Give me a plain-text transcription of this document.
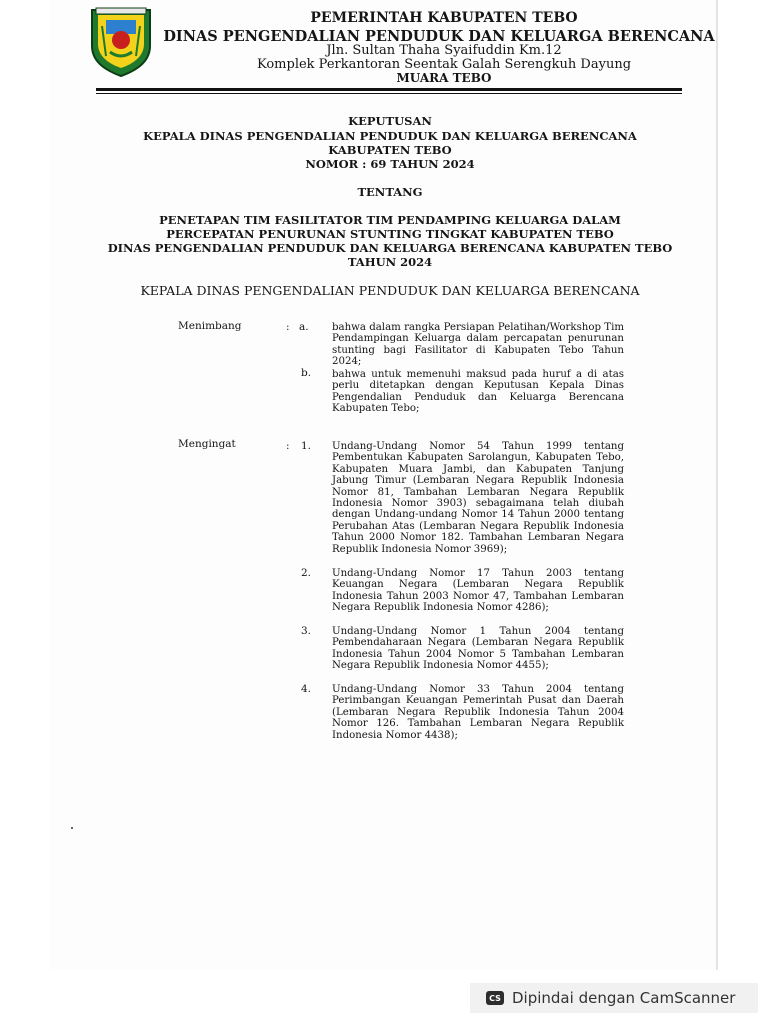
PEMERINTAH KABUPATEN TEBO
DINAS PENGENDALIAN PENDUDUK DAN KELUARGA BERENCANA
Jln. Sultan Thaha Syaifuddin Km.12
Komplek Perkantoran Seentak Galah Serengkuh Dayung
MUARA TEBO
KEPUTUSAN
KEPALA DINAS PENGENDALIAN PENDUDUK DAN KELUARGA BERENCANA
KABUPATEN TEBO
NOMOR : 69 TAHUN 2024
TENTANG
PENETAPAN TIM FASILITATOR TIM PENDAMPING KELUARGA DALAM
PERCEPATAN PENURUNAN STUNTING TINGKAT KABUPATEN TEBO
DINAS PENGENDALIAN PENDUDUK DAN KELUARGA BERENCANA KABUPATEN TEBO
TAHUN 2024
KEPALA DINAS PENGENDALIAN PENDUDUK DAN KELUARGA BERENCANA
Menimbang	: a. bahwa dalam rangka Persiapan Pelatihan/Workshop Tim Pendampingan Keluarga dalam percapatan penurunan stunting bagi Fasilitator di Kabupaten Tebo Tahun 2024;
b. bahwa untuk memenuhi maksud pada huruf a di atas perlu ditetapkan dengan Keputusan Kepala Dinas Pengendalian Penduduk dan Keluarga Berencana Kabupaten Tebo;
Mengingat	: 1. Undang-Undang Nomor 54 Tahun 1999 tentang Pembentukan Kabupaten Sarolangun, Kabupaten Tebo, Kabupaten Muara Jambi, dan Kabupaten Tanjung Jabung Timur (Lembaran Negara Republik Indonesia Nomor 81, Tambahan Lembaran Negara Republik Indonesia Nomor 3903) sebagaimana telah diubah dengan Undang-undang Nomor 14 Tahun 2000 tentang Perubahan Atas (Lembaran Negara Republik Indonesia Tahun 2000 Nomor 182. Tambahan Lembaran Negara Republik Indonesia Nomor 3969);
2. Undang-Undang Nomor 17 Tahun 2003 tentang Keuangan Negara (Lembaran Negara Republik Indonesia Tahun 2003 Nomor 47, Tambahan Lembaran Negara Republik Indonesia Nomor 4286);
3. Undang-Undang Nomor 1 Tahun 2004 tentang Pembendaharaan Negara (Lembaran Negara Republik Indonesia Tahun 2004 Nomor 5 Tambahan Lembaran Negara Republik Indonesia Nomor 4455);
4. Undang-Undang Nomor 33 Tahun 2004 tentang Perimbangan Keuangan Pemerintah Pusat dan Daerah (Lembaran Negara Republik Indonesia Tahun 2004 Nomor 126. Tambahan Lembaran Negara Republik Indonesia Nomor 4438);
CS Dipindai dengan CamScanner
